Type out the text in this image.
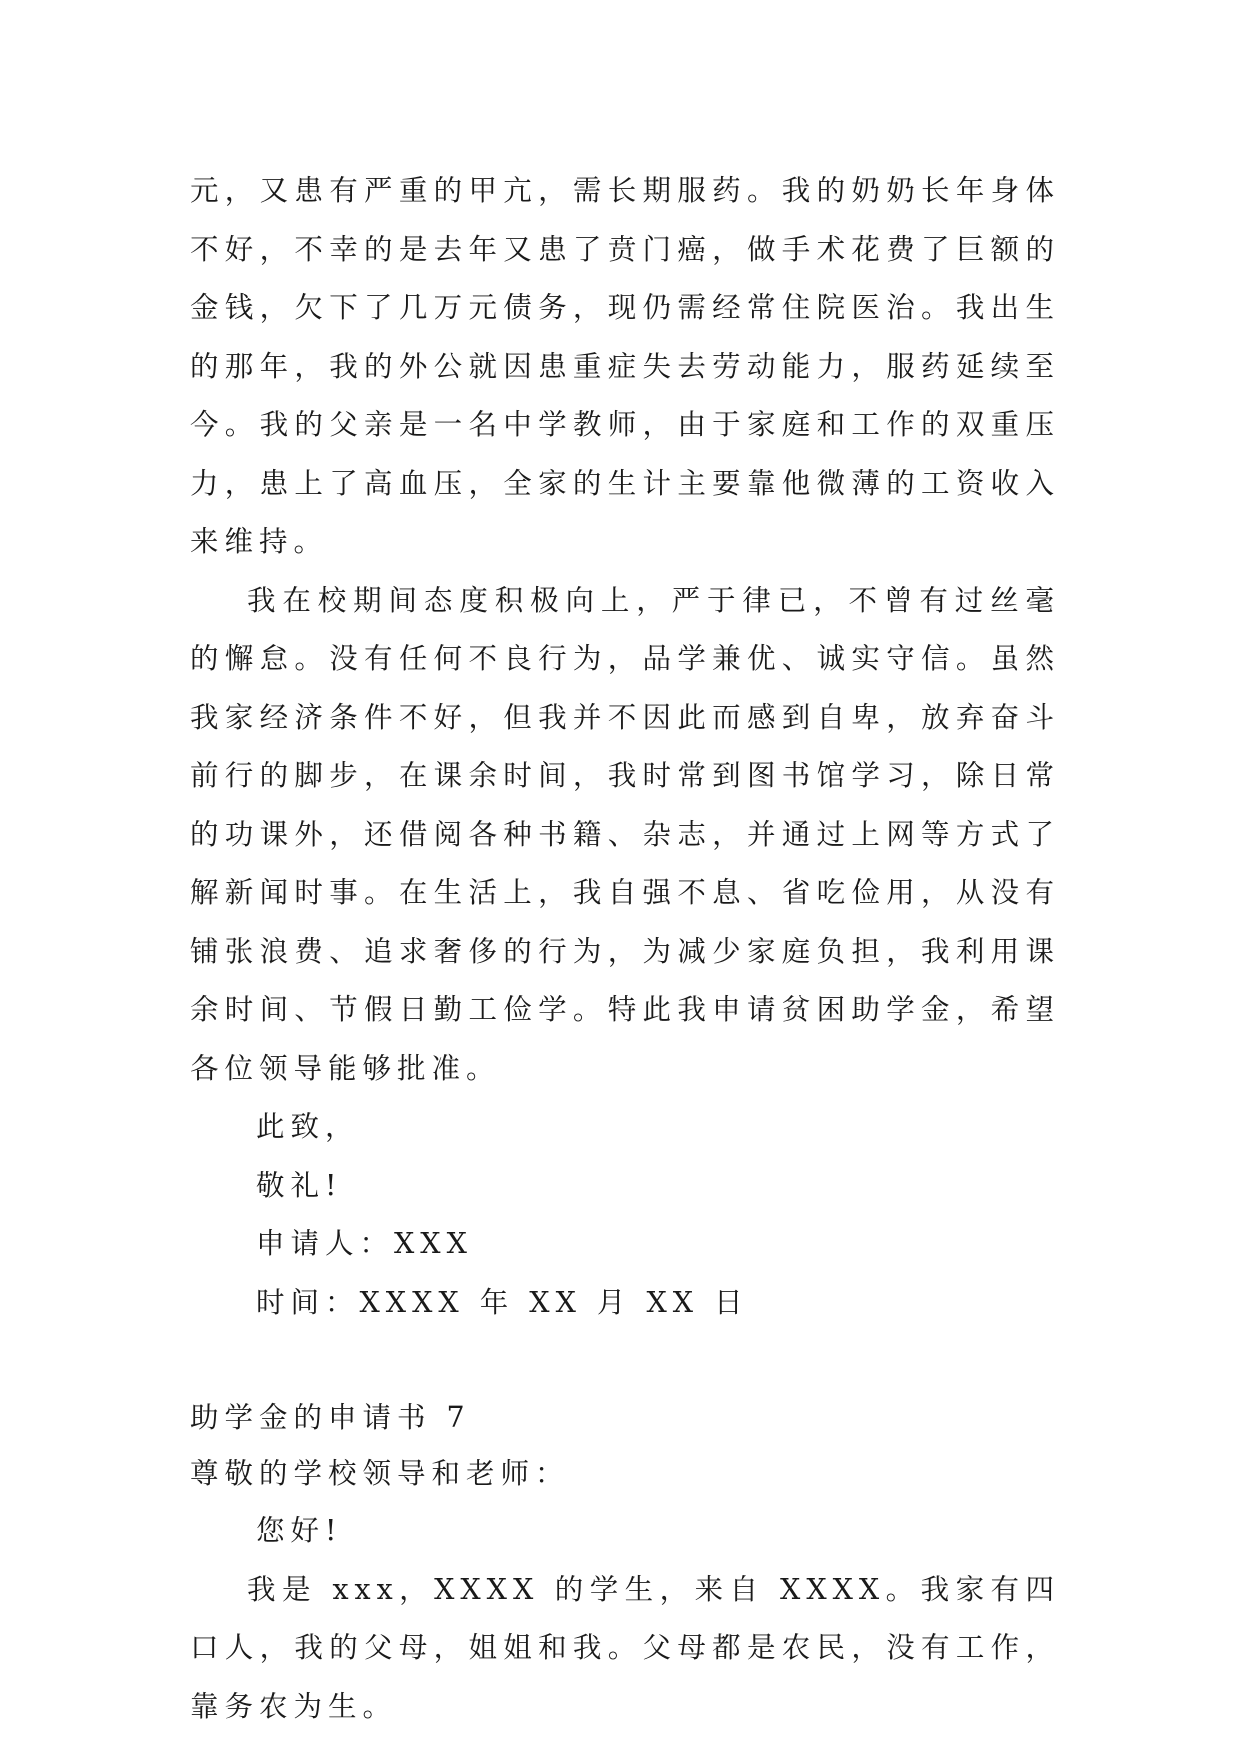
元，又患有严重的甲亢，需长期服药。我的奶奶长年身体不好，不幸的是去年又患了贲门癌，做手术花费了巨额的金钱，欠下了几万元债务，现仍需经常住院医治。我出生的那年，我的外公就因患重症失去劳动能力，服药延续至今。我的父亲是一名中学教师，由于家庭和工作的双重压力，患上了高血压，全家的生计主要靠他微薄的工资收入来维持。

我在校期间态度积极向上，严于律已，不曾有过丝毫的懈怠。没有任何不良行为，品学兼优、诚实守信。虽然我家经济条件不好，但我并不因此而感到自卑，放弃奋斗前行的脚步，在课余时间，我时常到图书馆学习，除日常的功课外，还借阅各种书籍、杂志，并通过上网等方式了解新闻时事。在生活上，我自强不息、省吃俭用，从没有铺张浪费、追求奢侈的行为，为减少家庭负担，我利用课余时间、节假日勤工俭学。特此我申请贫困助学金，希望各位领导能够批准。

此致，

敬礼!

申请人：XXX

时间：XXXX 年 XX 月 XX 日

助学金的申请书 7

尊敬的学校领导和老师：

您好!

我是 xxx，XXXX 的学生，来自 XXXX。我家有四口人，我的父母，姐姐和我。父母都是农民，没有工作，靠务农为生。
